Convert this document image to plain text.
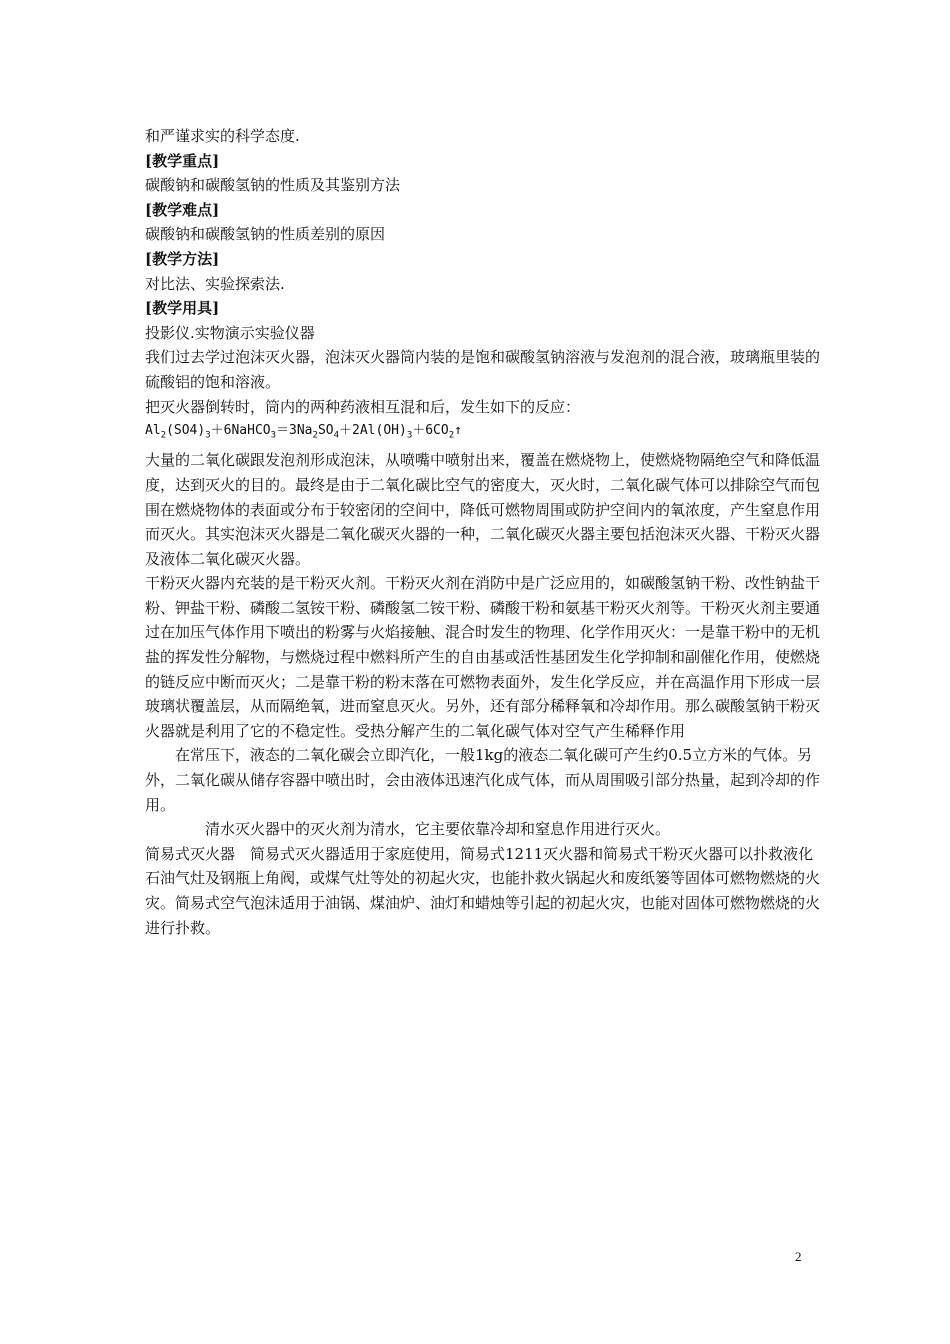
和严谨求实的科学态度.

[教学重点]

碳酸钠和碳酸氢钠的性质及其鉴别方法

[教学难点]

碳酸钠和碳酸氢钠的性质差别的原因

[教学方法]

对比法、实验探索法.

[教学用具]

投影仪.实物演示实验仪器

我们过去学过泡沫灭火器，泡沫灭火器筒内装的是饱和碳酸氢钠溶液与发泡剂的混合液，玻璃瓶里装的硫酸铝的饱和溶液。

把灭火器倒转时，筒内的两种药液相互混和后，发生如下的反应：

$Al_2(SO4)_3+6NaHCO_3=3Na_2SO_4+2Al(OH)_3+6CO_2↑$

大量的二氧化碳跟发泡剂形成泡沫，从喷嘴中喷射出来，覆盖在燃烧物上，使燃烧物隔绝空气和降低温度，达到灭火的目的。最终是由于二氧化碳比空气的密度大，灭火时，二氧化碳气体可以排除空气而包围在燃烧物体的表面或分布于较密闭的空间中，降低可燃物周围或防护空间内的氧浓度，产生窒息作用而灭火。其实泡沫灭火器是二氧化碳灭火器的一种，二氧化碳灭火器主要包括泡沫灭火器、干粉灭火器及液体二氧化碳灭火器。

干粉灭火器内充装的是干粉灭火剂。干粉灭火剂在消防中是广泛应用的，如碳酸氢钠干粉、改性钠盐干粉、钾盐干粉、磷酸二氢铵干粉、磷酸氢二铵干粉、磷酸干粉和氨基干粉灭火剂等。干粉灭火剂主要通过在加压气体作用下喷出的粉雾与火焰接触、混合时发生的物理、化学作用灭火：一是靠干粉中的无机盐的挥发性分解物，与燃烧过程中燃料所产生的自由基或活性基团发生化学抑制和副催化作用，使燃烧的链反应中断而灭火；二是靠干粉的粉末落在可燃物表面外，发生化学反应，并在高温作用下形成一层玻璃状覆盖层，从而隔绝氧，进而窒息灭火。另外，还有部分稀释氧和冷却作用。那么碳酸氢钠干粉灭火器就是利用了它的不稳定性。受热分解产生的二氧化碳气体对空气产生稀释作用

在常压下，液态的二氧化碳会立即汽化，一般1kg的液态二氧化碳可产生约0.5立方米的气体。另外，二氧化碳从储存容器中喷出时，会由液体迅速汽化成气体，而从周围吸引部分热量，起到冷却的作用。

清水灭火器中的灭火剂为清水，它主要依靠冷却和窒息作用进行灭火。

简易式灭火器　简易式灭火器适用于家庭使用，简易式1211灭火器和简易式干粉灭火器可以扑救液化石油气灶及钢瓶上角阀，或煤气灶等处的初起火灾，也能扑救火锅起火和废纸篓等固体可燃物燃烧的火灾。简易式空气泡沫适用于油锅、煤油炉、油灯和蜡烛等引起的初起火灾，也能对固体可燃物燃烧的火进行扑救。

2
